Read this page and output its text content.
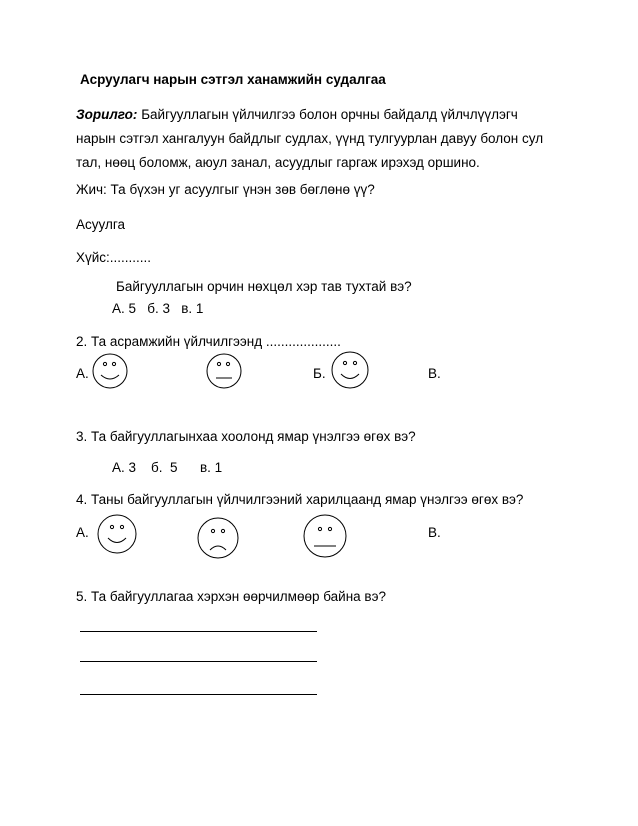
Асруулагч нарын сэтгэл ханамжийн судалгаа
Зорилго: Байгууллагын үйлчилгээ болон орчны байдалд үйлчлүүлэгч нарын сэтгэл хангалуун байдлыг судлах, үүнд тулгуурлан давуу болон сул тал, нөөц боломж, аюул занал, асуудлыг гаргаж ирэхэд оршино.
Жич: Та бүхэн уг асуулгыг үнэн зөв бөглөнө үү?
Асуулга
Хүйс:...........
Байгууллагын орчин нөхцөл хэр тав тухтай вэ?
А. 5   б. 3   в. 1
2. Та асрамжийн үйлчилгээнд ....................
А.	Б.	В.
3. Та байгууллагынхаа хоолонд ямар үнэлгээ өгөх вэ?
А. 3    б.  5      в. 1
4. Таны байгууллагын үйлчилгээний харилцаанд ямар үнэлгээ өгөх вэ?
А.	В.
5. Та байгууллагаа хэрхэн өөрчилмөөр байна вэ?
